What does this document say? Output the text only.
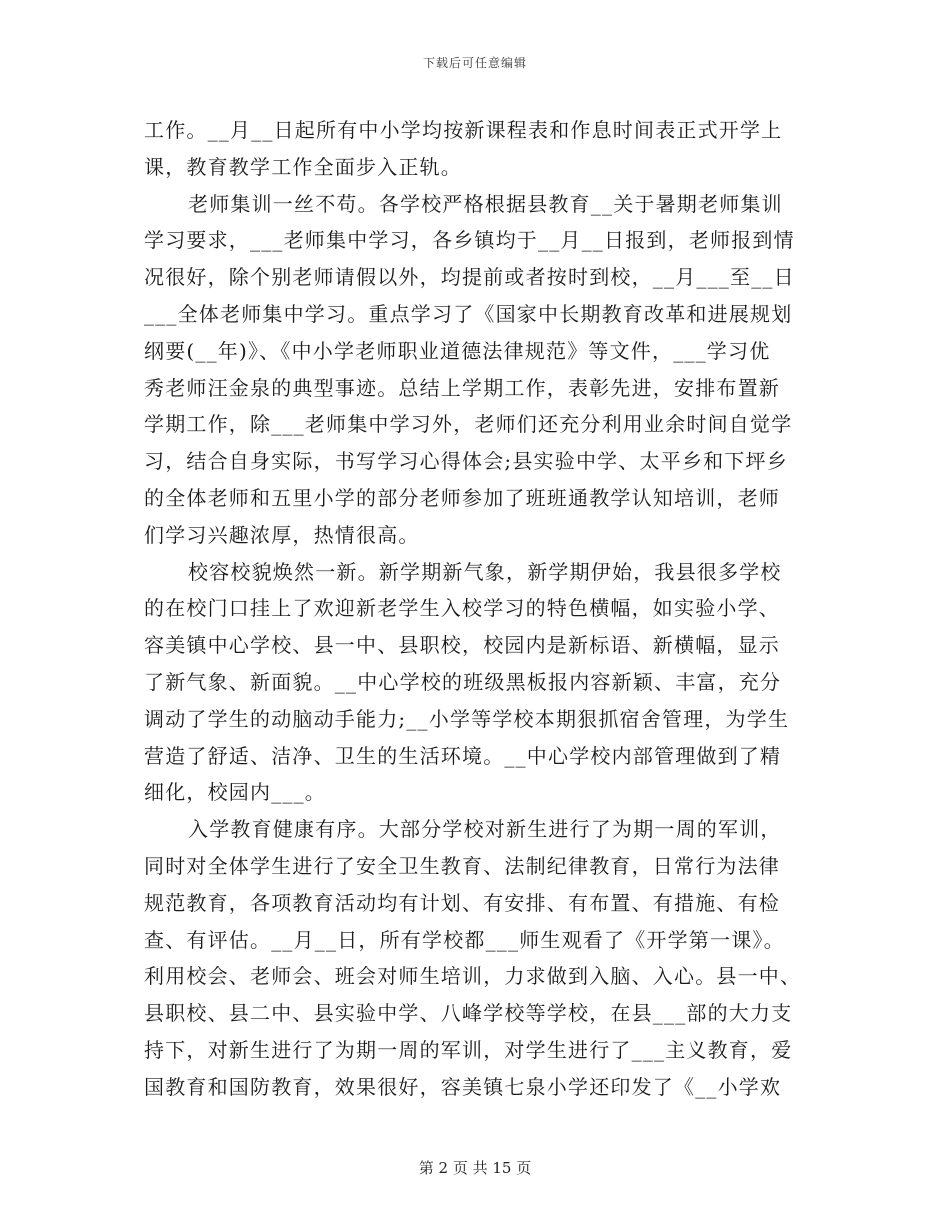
下载后可任意编辑
工作。__月__日起所有中小学均按新课程表和作息时间表正式开学上
课，教育教学工作全面步入正轨。
老师集训一丝不苟。各学校严格根据县教育__关于暑期老师集训
学习要求，___老师集中学习，各乡镇均于__月__日报到，老师报到情
况很好，除个别老师请假以外，均提前或者按时到校，__月___至__日
___全体老师集中学习。重点学习了《国家中长期教育改革和进展规划
纲要(__年)》、《中小学老师职业道德法律规范》等文件，___学习优
秀老师汪金泉的典型事迹。总结上学期工作，表彰先进，安排布置新
学期工作，除___老师集中学习外，老师们还充分利用业余时间自觉学
习，结合自身实际，书写学习心得体会;县实验中学、太平乡和下坪乡
的全体老师和五里小学的部分老师参加了班班通教学认知培训，老师
们学习兴趣浓厚，热情很高。
校容校貌焕然一新。新学期新气象，新学期伊始，我县很多学校
的在校门口挂上了欢迎新老学生入校学习的特色横幅，如实验小学、
容美镇中心学校、县一中、县职校，校园内是新标语、新横幅，显示
了新气象、新面貌。__中心学校的班级黑板报内容新颖、丰富，充分
调动了学生的动脑动手能力;__小学等学校本期狠抓宿舍管理，为学生
营造了舒适、洁净、卫生的生活环境。__中心学校内部管理做到了精
细化，校园内___。
入学教育健康有序。大部分学校对新生进行了为期一周的军训，
同时对全体学生进行了安全卫生教育、法制纪律教育，日常行为法律
规范教育，各项教育活动均有计划、有安排、有布置、有措施、有检
查、有评估。__月__日，所有学校都___师生观看了《开学第一课》。
利用校会、老师会、班会对师生培训，力求做到入脑、入心。县一中、
县职校、县二中、县实验中学、八峰学校等学校，在县___部的大力支
持下，对新生进行了为期一周的军训，对学生进行了___主义教育，爱
国教育和国防教育，效果很好，容美镇七泉小学还印发了《__小学欢
第 2 页 共 15 页
